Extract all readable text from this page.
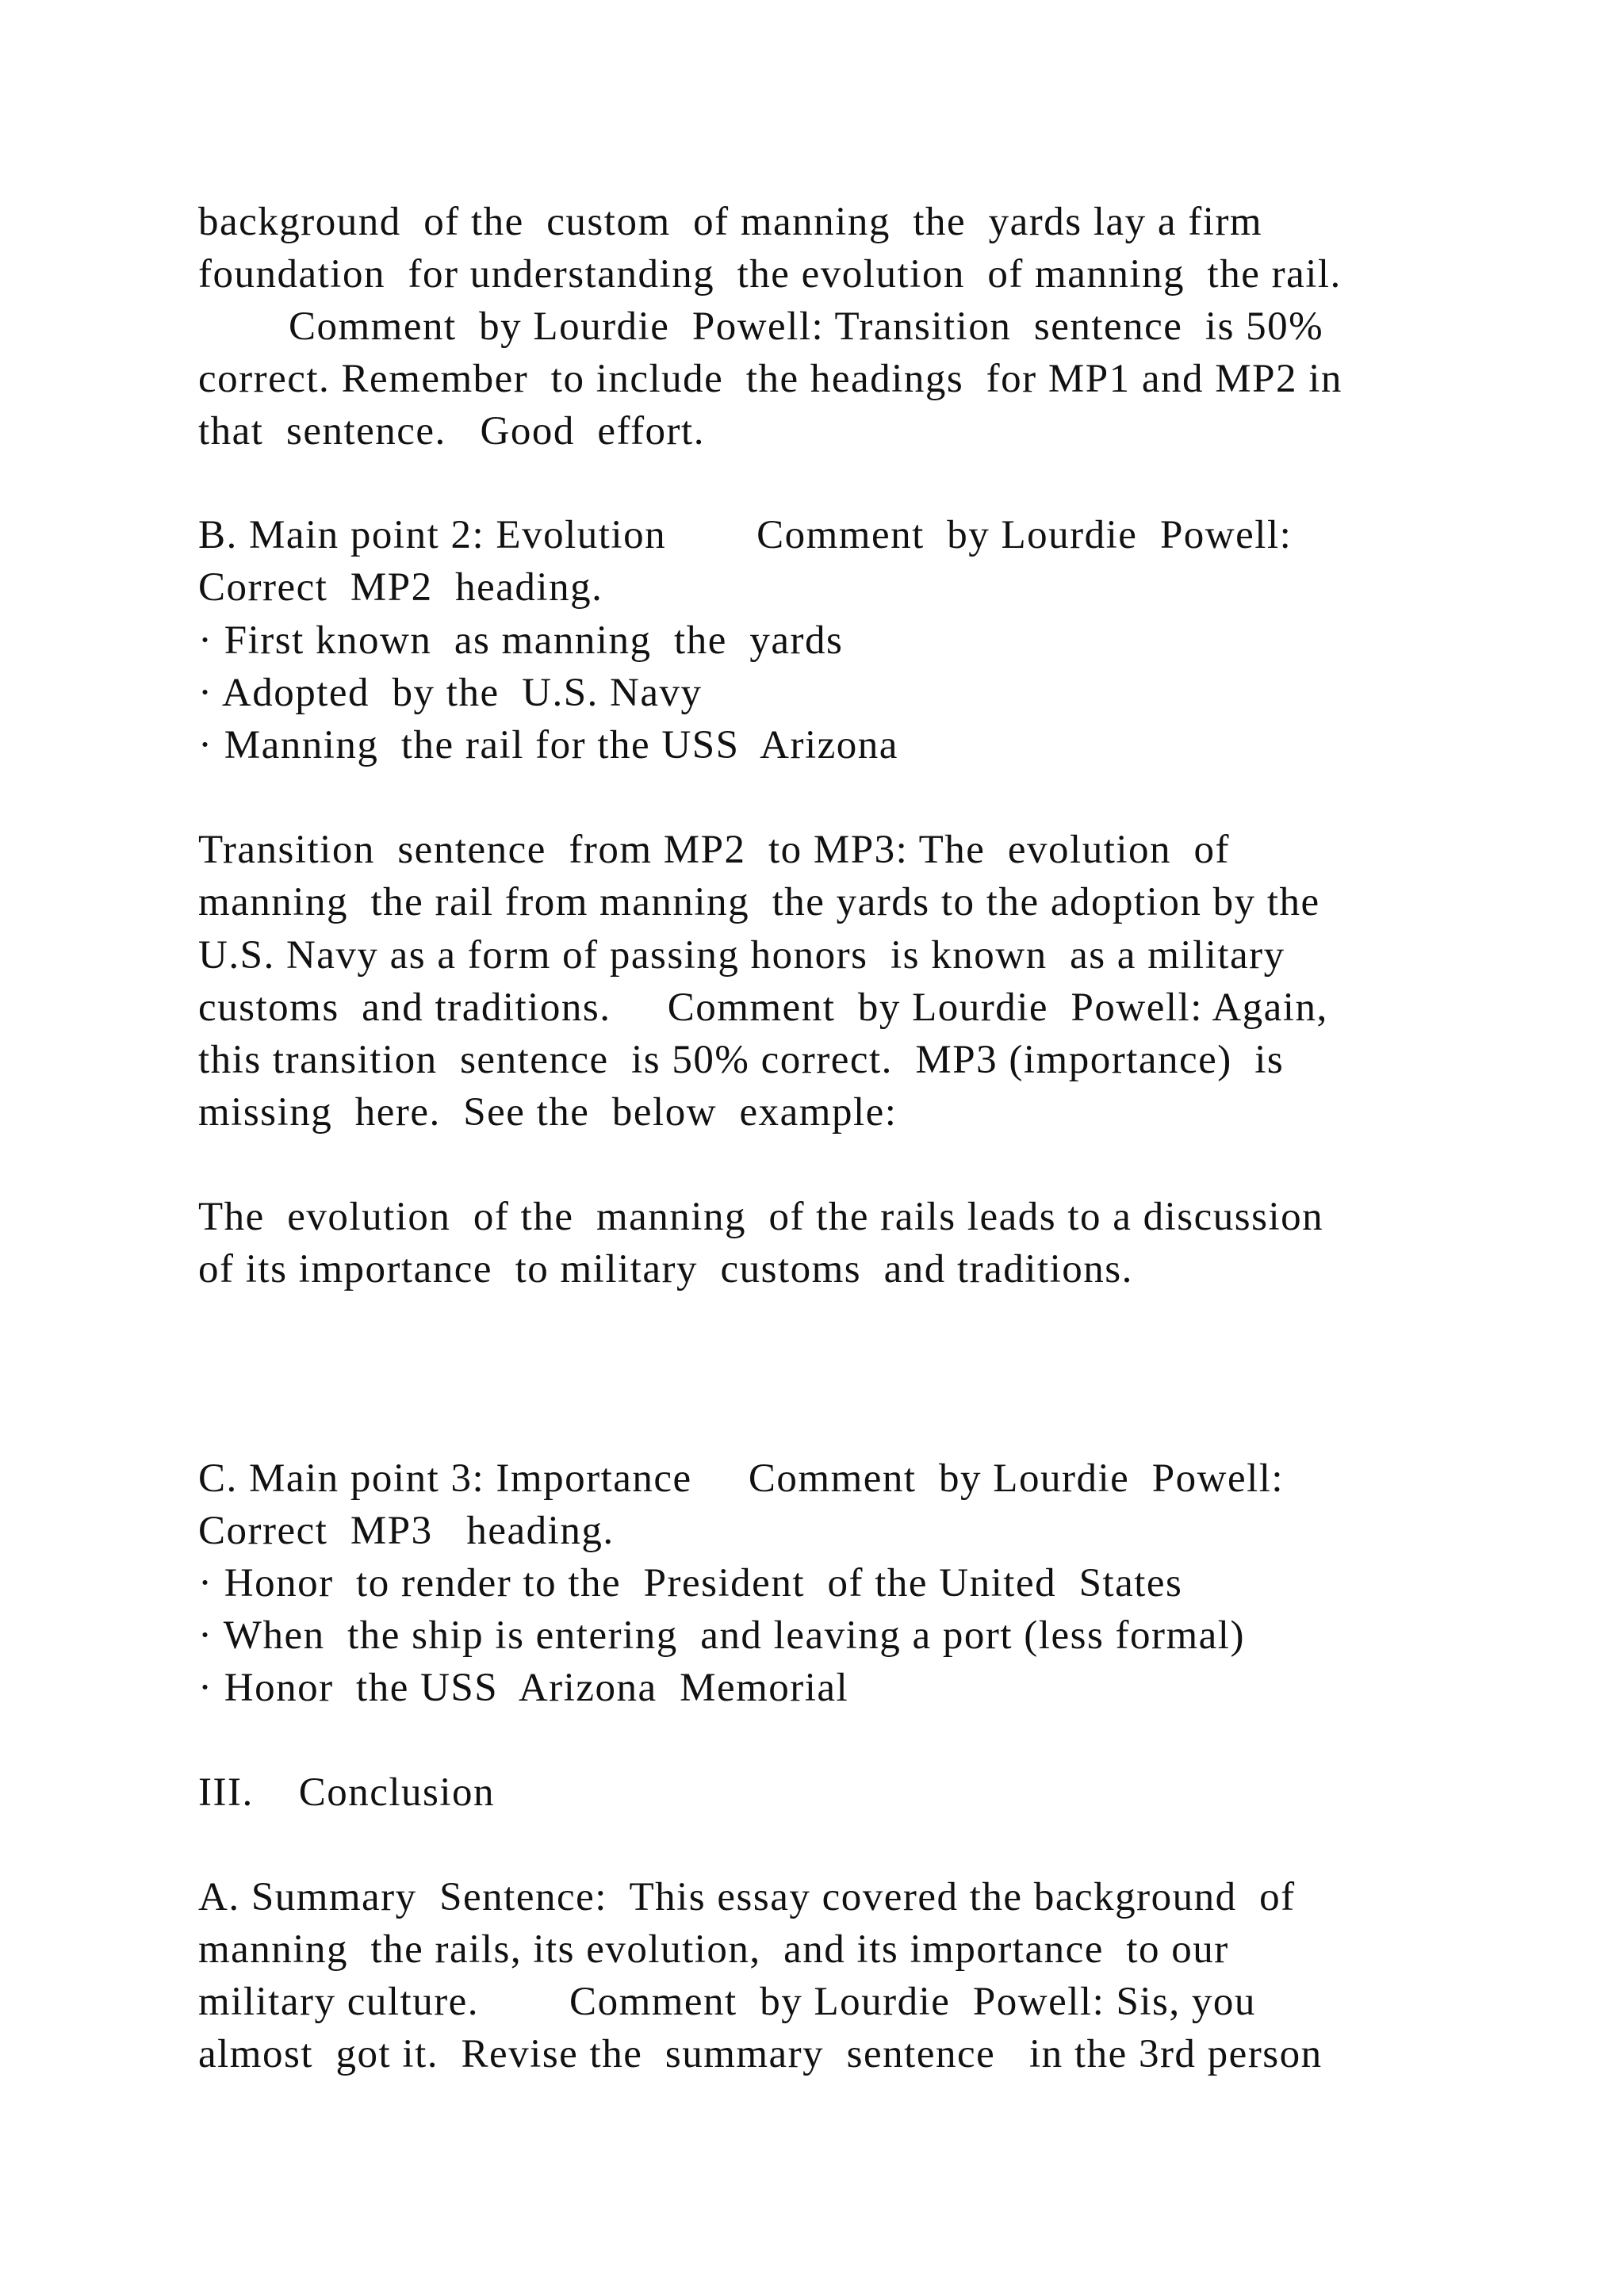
background  of the  custom  of manning  the  yards lay a firm

foundation  for understanding  the evolution  of manning  the rail.

Comment  by Lourdie  Powell: Transition  sentence  is 50%

correct. Remember  to include  the headings  for MP1 and MP2 in

that  sentence.   Good  effort.

B. Main point 2: Evolution        Comment  by Lourdie  Powell:

Correct  MP2  heading.

· First known  as manning  the  yards

· Adopted  by the  U.S. Navy

· Manning  the rail for the USS  Arizona

Transition  sentence  from MP2  to MP3: The  evolution  of

manning  the rail from manning  the yards to the adoption by the

U.S. Navy as a form of passing honors  is known  as a military

customs  and traditions.     Comment  by Lourdie  Powell: Again,

this transition  sentence  is 50% correct.  MP3 (importance)  is

missing  here.  See the  below  example:

The  evolution  of the  manning  of the rails leads to a discussion

of its importance  to military  customs  and traditions.

C. Main point 3: Importance     Comment  by Lourdie  Powell:

Correct  MP3   heading.

· Honor  to render to the  President  of the United  States

· When  the ship is entering  and leaving a port (less formal)

· Honor  the USS  Arizona  Memorial

III.    Conclusion

A. Summary  Sentence:  This essay covered the background  of

manning  the rails, its evolution,  and its importance  to our

military culture.        Comment  by Lourdie  Powell: Sis, you

almost  got it.  Revise the  summary  sentence   in the 3rd person
